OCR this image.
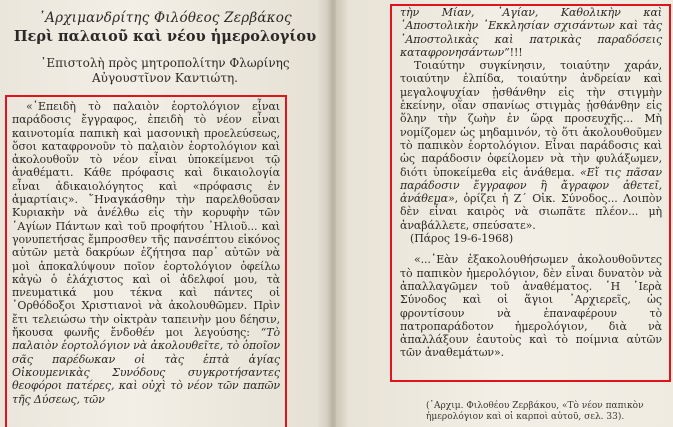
᾿Αρχιμανδρίτης Φιλόθεος Ζερβάκος
Περὶ παλαιοῦ καὶ νέου ἡμερολογίου
᾿Επιστολὴ πρὸς μητροπολίτην Φλωρίνης
Αὐγουστῖνον Καντιώτη.

«᾿Επειδὴ τὸ παλαιὸν ἑορτολόγιον εἶναι παράδοσις ἔγγραφος, ἐπειδὴ τὸ νέον εἶναι καινοτομία παπικὴ καὶ μασονικὴ προελεύσεως, ὅσοι καταφρονοῦν τὸ παλαιὸν ἑορτολόγιον καὶ ἀκολουθοῦν τὸ νέον εἶναι ὑποκείμενοι τῷ ἀναθέματι. Κάθε πρόφασις καὶ δικαιολογία εἶναι ἀδικαιολόγητος καὶ «πρόφασις ἐν ἁμαρτίαις». ῞Ηναγκάσθην τὴν παρελθοῦσαν Κυριακὴν νὰ ἀνέλθω εἰς τὴν κορυφὴν τῶν ῾Αγίων Πάντων καὶ τοῦ προφήτου ᾿Ηλιοῦ... καὶ γονυπετήσας ἔμπροσθεν τῆς πανσέπτου εἰκόνος αὐτῶν μετὰ δακρύων ἐζήτησα παρ᾿ αὐτῶν νὰ μοὶ ἀποκαλύψουν ποῖον ἑορτολόγιον ὀφείλω κἀγὼ ὁ ἐλάχιστος καὶ οἱ ἀδελφοί μου, τὰ πνευματικά μου τέκνα καὶ πάντες οἱ ᾿Ορθόδοξοι Χριστιανοὶ νὰ ἀκολουθῶμεν. Πρὶν ἔτι τελειώσω τὴν οἰκτρὰν ταπεινὴν μου δέησιν, ἤκουσα φωνῆς ἔνδοθέν μοι λεγούσης: “Τὸ παλαιὸν ἑορτολόγιον νὰ ἀκολουθεῖτε, τὸ ὁποῖον σᾶς παρέδωκαν οἱ τὰς ἑπτὰ ἁγίας Οἰκουμενικὰς Συνόδους συγκροτήσαντες θεοφόροι πατέρες, καὶ οὐχὶ τὸ νέον τῶν παπῶν τῆς Δύσεως, τῶν

τὴν Μίαν, ῾Αγίαν, Καθολικὴν καὶ ᾿Αποστολικὴν ᾿Εκκλησίαν σχισάντων καὶ τὰς ᾿Αποστολικὰς καὶ πατρικὰς παραδόσεις καταφρονησάντων”!!!

Τοιαύτην συγκίνησιν, τοιαύτην χαράν, τοιαύτην ἐλπίδα, τοιαύτην ἀνδρείαν καὶ μεγαλοψυχίαν ᾐσθάνθην εἰς τὴν στιγμὴν ἐκείνην, οἵαν σπανίως στιγμὰς ᾐσθάνθην εἰς ὅλην τὴν ζωὴν ἐν ὥρᾳ προσευχῆς... Μὴ νομίζομεν ὡς μηδαμινόν, τὸ ὅτι ἀκολουθοῦμεν τὸ παπικὸν ἑορτολόγιον. Εἶναι παράδοσις καὶ ὡς παράδοσιν ὀφείλομεν νὰ τὴν φυλάξωμεν, διότι ὑποκείμεθα εἰς ἀνάθεμα. «Εἴ τις πᾶσαν παράδοσιν ἔγγραφον ἢ ἄγραφον ἀθετεῖ, ἀνάθεμα», ὁρίζει ἡ Ζ΄ Οἰκ. Σύνοδος... Λοιπὸν δὲν εἶναι καιρὸς νὰ σιωπᾶτε πλέον... μὴ ἀναβάλλετε, σπεύσατε».

(Πάρος 19-6-1968)

«...᾿Εὰν ἐξακολουθήσωμεν ἀκολουθοῦντες τὸ παπικὸν ἡμερολόγιον, δὲν εἶναι δυνατὸν νὰ ἀπαλλαγῶμεν τοῦ ἀναθέματος. ῾Η ῾Ιερὰ Σύνοδος καὶ οἱ ἅγιοι ᾿Αρχιερεῖς, ὡς φροντίσουν νὰ ἐπαναφέρουν τὸ πατροπαράδοτον ἡμερολόγιον, διὰ νὰ ἀπαλλάξουν ἑαυτοὺς καὶ τὸ ποίμνια αὐτῶν τῶν ἀναθεμάτων».

(᾿Αρχιμ. Φιλοθέου Ζερβάκου, «Τὸ νέον παπικὸν ἡμερολόγιον καὶ οἱ καρποὶ αὐτοῦ, σελ. 33).
